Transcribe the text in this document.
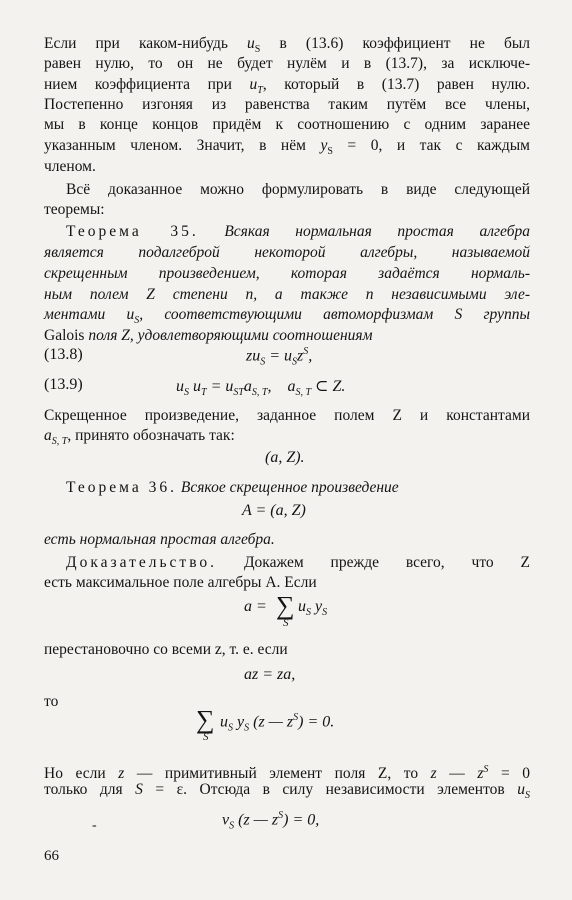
Если при каком-нибудь $u_S$ в (13.6) коэффициент не был

равен нулю, то он не будет нулём и в (13.7), за исключе-

нием коэффициента при $u_T$, который в (13.7) равен нулю.

Постепенно изгоняя из равенства таким путём все члены,

мы в конце концов придём к соотношению с одним заранее

указанным членом. Значит, в нём $y_S = 0$, и так с каждым

членом.

Всё доказанное можно формулировать в виде следующей

теоремы:

Теорема 35. Всякая нормальная простая алгебра

является подалгеброй некоторой алгебры, называемой

скрещенным произведением, которая задаётся нормаль-

ным полем Z степени n, а также n независимыми эле-

ментами $u_S$, соответствующими автоморфизмам S группы

Galois поля Z, удовлетворяющими соотношениям

(13.8)	$zu_S = u_Sz^S$,
(13.9)	$u_S$ $u_T = u_{ST}a_{S, T}$,    $a_{S, T}$ ⊂ Z.

Скрещенное произведение, заданное полем Z и константами

$a_{S, T}$, принято обозначать так:

(a, Z).

Теорема 36. Всякое скрещенное произведение

A = (a, Z)

есть нормальная простая алгебра.

Доказательство. Докажем прежде всего, что Z

есть максимальное поле алгебры A. Если

a = ∑
S
$u_S$ $y_S$

перестановочно со всеми z, т. е. если

az = za,

то

∑
S
$u_S$ $y_S$ (z — $z^S) = 0$.

Но если z — примитивный элемент поля Z, то z — $z^S = 0$

только для S = ε. Отсюда в силу независимости элементов $u_S$

‑	$v_S$ (z — $z^S) = 0$,
66
